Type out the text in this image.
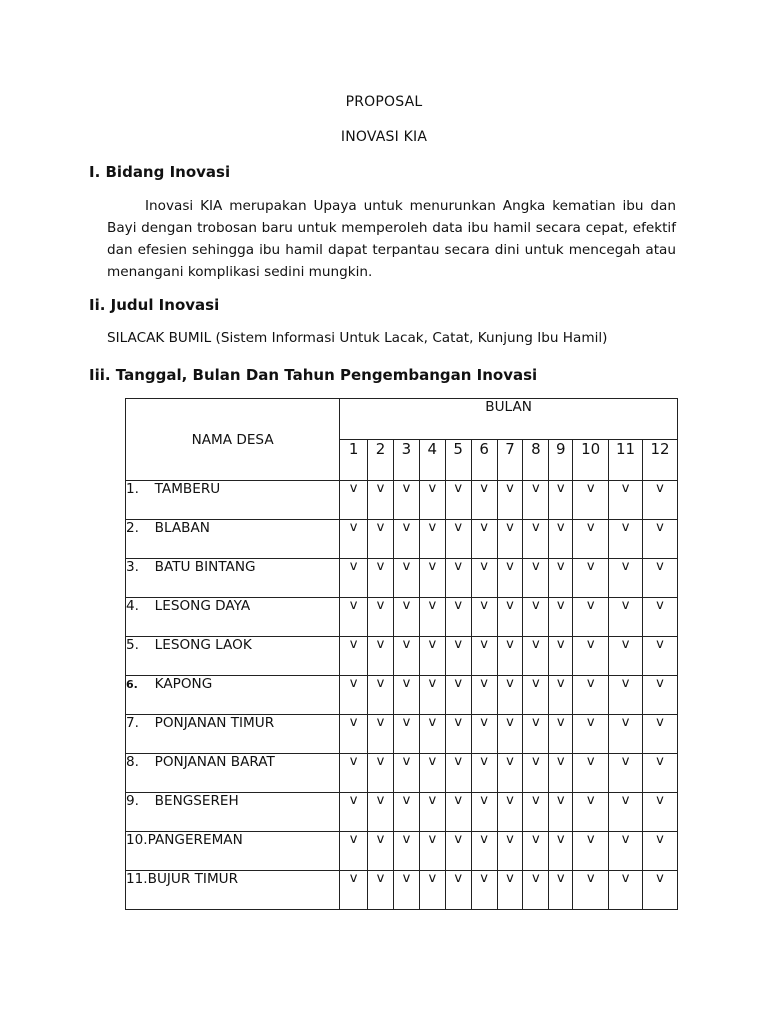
PROPOSAL
INOVASI KIA
I. Bidang Inovasi

Inovasi KIA merupakan Upaya untuk menurunkan Angka kematian ibu dan Bayi dengan trobosan baru untuk memperoleh data ibu hamil secara cepat, efektif dan efesien sehingga ibu hamil dapat terpantau secara dini untuk mencegah atau menangani komplikasi sedini mungkin.

Ii. Judul Inovasi
SILACAK BUMIL (Sistem Informasi Untuk Lacak, Catat, Kunjung Ibu Hamil)
Iii. Tanggal, Bulan Dan Tahun Pengembangan Inovasi
NAMA DESA	BULAN											
	1	2	3	4	5	6	7	8	9	10	11	12
1. TAMBERU	v	v	v	v	v	v	v	v	v	v	v	v
2. BLABAN	v	v	v	v	v	v	v	v	v	v	v	v
3. BATU BINTANG	v	v	v	v	v	v	v	v	v	v	v	v
4. LESONG DAYA	v	v	v	v	v	v	v	v	v	v	v	v
5. LESONG LAOK	v	v	v	v	v	v	v	v	v	v	v	v
6. KAPONG	v	v	v	v	v	v	v	v	v	v	v	v
7. PONJANAN TIMUR	v	v	v	v	v	v	v	v	v	v	v	v
8. PONJANAN BARAT	v	v	v	v	v	v	v	v	v	v	v	v
9. BENGSEREH	v	v	v	v	v	v	v	v	v	v	v	v
10.PANGEREMAN	v	v	v	v	v	v	v	v	v	v	v	v
11.BUJUR TIMUR	v	v	v	v	v	v	v	v	v	v	v	v
